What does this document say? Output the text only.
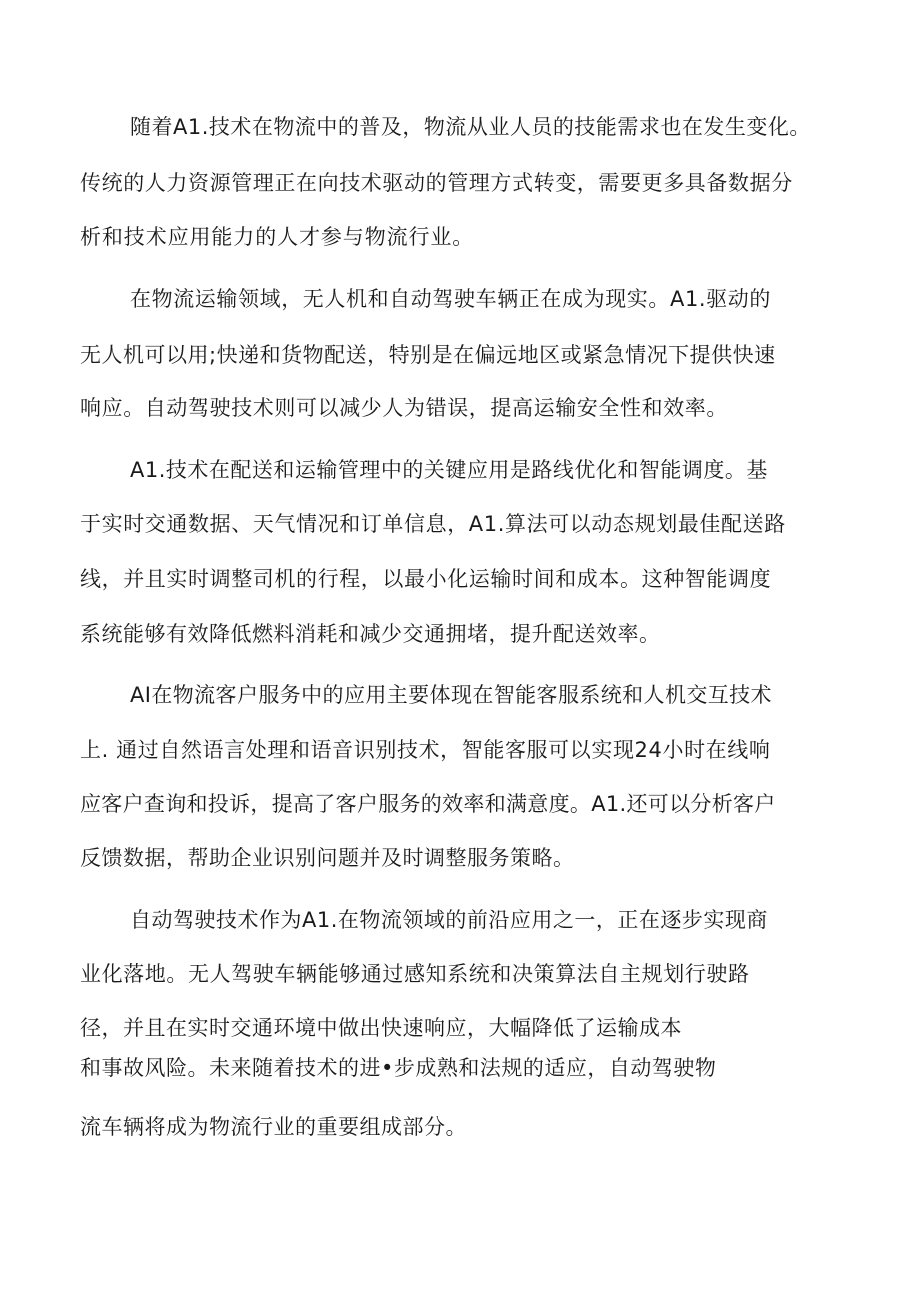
随着A1.技术在物流中的普及，物流从业人员的技能需求也在发生变化。
传统的人力资源管理正在向技术驱动的管理方式转变，需要更多具备数据分
析和技术应用能力的人才参与物流行业。
在物流运输领域，无人机和自动驾驶车辆正在成为现实。A1.驱动的
无人机可以用;快递和货物配送，特别是在偏远地区或紧急情况下提供快速
响应。自动驾驶技术则可以减少人为错误，提高运输安全性和效率。
A1.技术在配送和运输管理中的关键应用是路线优化和智能调度。基
于实时交通数据、天气情况和订单信息，A1.算法可以动态规划最佳配送路
线，并且实时调整司机的行程，以最小化运输时间和成本。这种智能调度
系统能够有效降低燃料消耗和减少交通拥堵，提升配送效率。
AI在物流客户服务中的应用主要体现在智能客服系统和人机交互技术
上. 通过自然语言处理和语音识别技术，智能客服可以实现24小时在线响
应客户查询和投诉，提高了客户服务的效率和满意度。A1.还可以分析客户
反馈数据，帮助企业识别问题并及时调整服务策略。
自动驾驶技术作为A1.在物流领域的前沿应用之一，正在逐步实现商
业化落地。无人驾驶车辆能够通过感知系统和决策算法自主规划行驶路
径，并且在实时交通环境中做出快速响应，大幅降低了运输成本
和事故风险。未来随着技术的进•步成熟和法规的适应，自动驾驶物
流车辆将成为物流行业的重要组成部分。
